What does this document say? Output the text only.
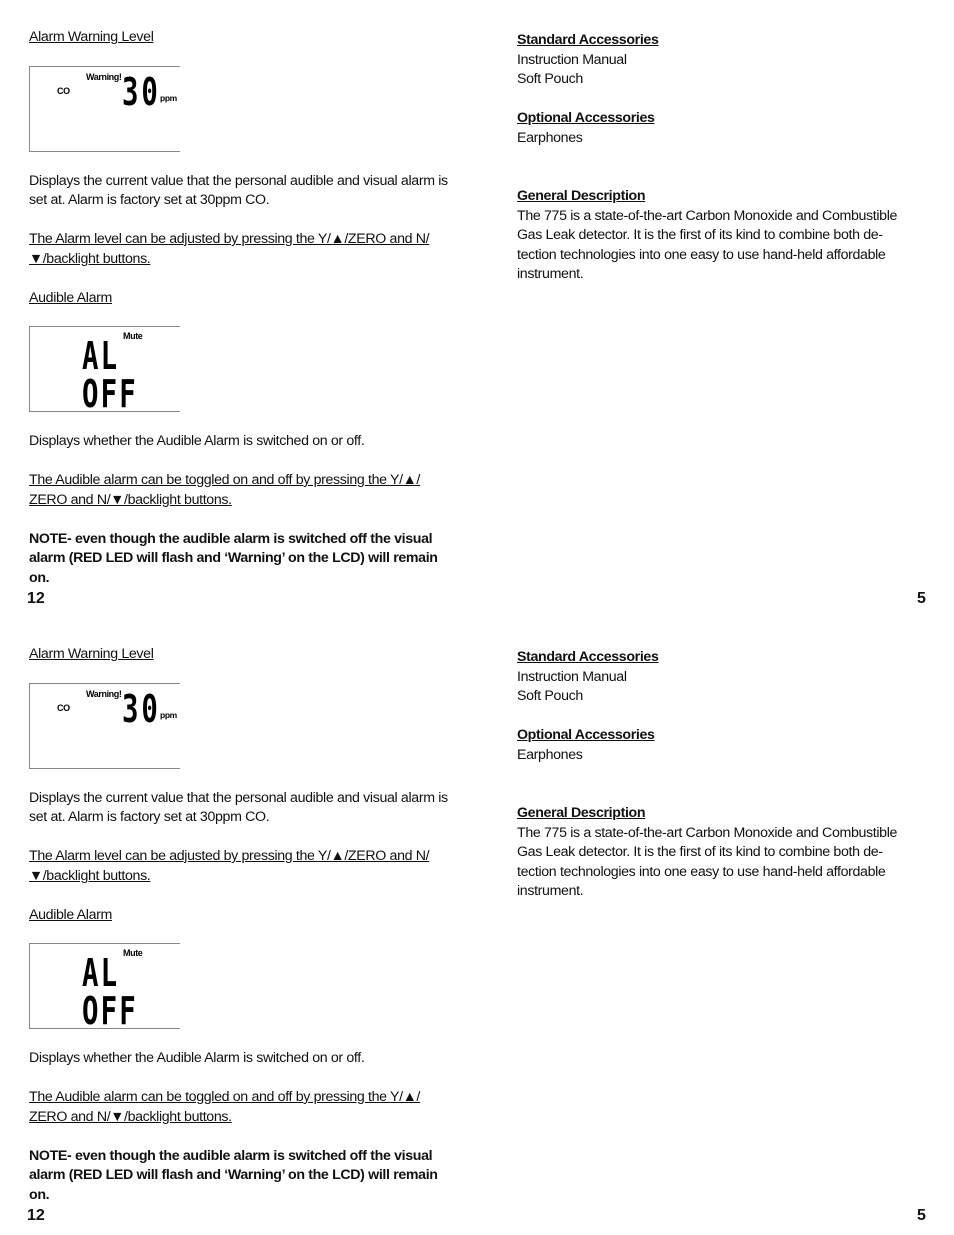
Alarm Warning Level

Warning!
CO 30 ppm

Displays the current value that the personal audible and visual alarm is set at. Alarm is factory set at 30ppm CO.

The Alarm level can be adjusted by pressing the Y/▲/ZERO and N/▼/backlight buttons.

Audible Alarm

Mute
AL
OFF

Displays whether the Audible Alarm is switched on or off.

The Audible alarm can be toggled on and off by pressing the Y/▲/ ZERO and N/▼/backlight buttons.

NOTE- even though the audible alarm is switched off the visual alarm (RED LED will flash and ‘Warning’ on the LCD) will remain on.

12

Standard Accessories

Instruction Manual

Soft Pouch

Optional Accessories

Earphones

General Description

The 775 is a state-of-the-art Carbon Monoxide and Combustible Gas Leak detector. It is the first of its kind to combine both de-tection technologies into one easy to use hand-held affordable instrument.

5

Alarm Warning Level

Warning!
CO 30 ppm

Displays the current value that the personal audible and visual alarm is set at. Alarm is factory set at 30ppm CO.

The Alarm level can be adjusted by pressing the Y/▲/ZERO and N/▼/backlight buttons.

Audible Alarm

Mute
AL
OFF

Displays whether the Audible Alarm is switched on or off.

The Audible alarm can be toggled on and off by pressing the Y/▲/ ZERO and N/▼/backlight buttons.

NOTE- even though the audible alarm is switched off the visual alarm (RED LED will flash and ‘Warning’ on the LCD) will remain on.

12

Standard Accessories

Instruction Manual

Soft Pouch

Optional Accessories

Earphones

General Description

The 775 is a state-of-the-art Carbon Monoxide and Combustible Gas Leak detector. It is the first of its kind to combine both de-tection technologies into one easy to use hand-held affordable instrument.

5
